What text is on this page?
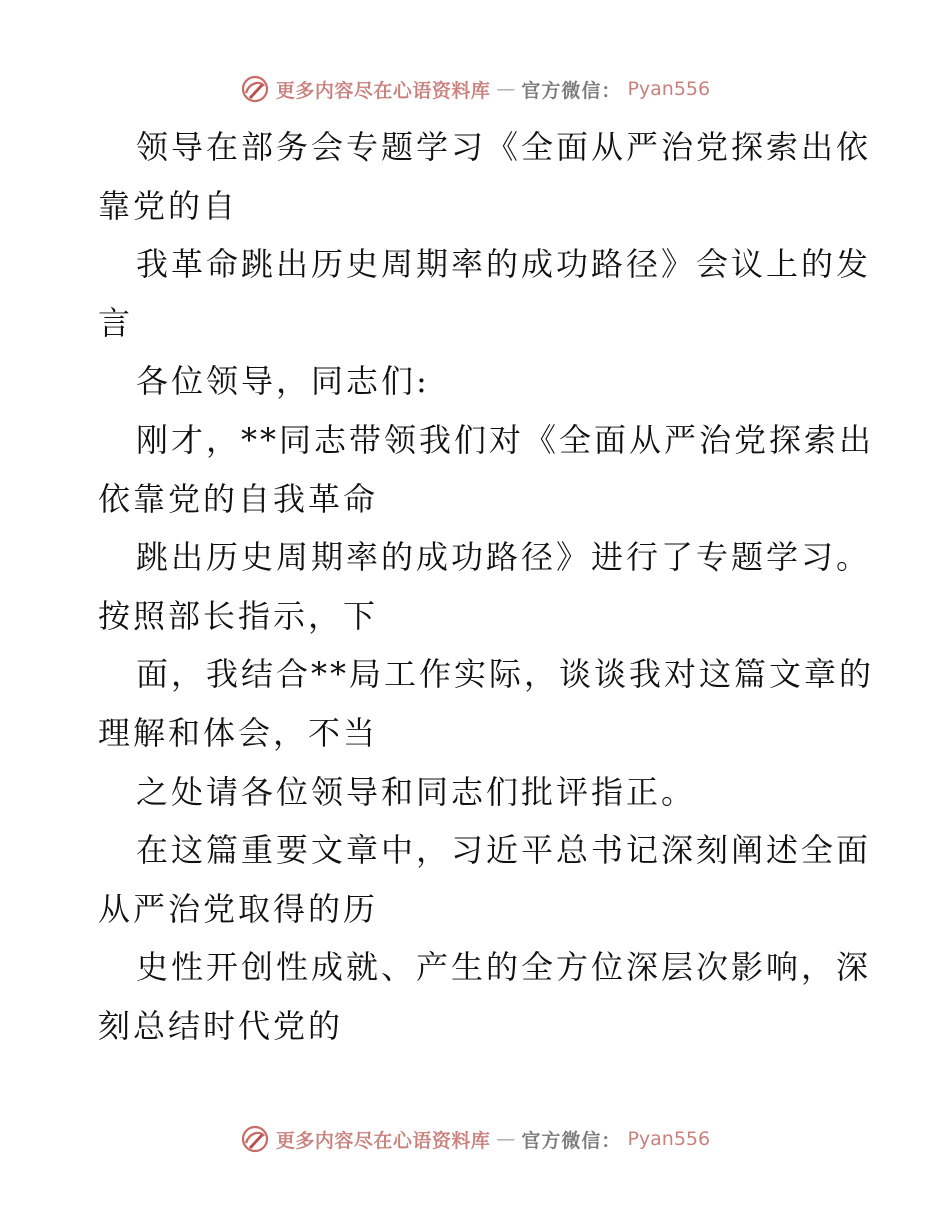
更多内容尽在心语资料库 — 官方微信： Pyan556
领导在部务会专题学习《全面从严治党探索出依
靠党的自
我革命跳出历史周期率的成功路径》会议上的发
言
各位领导，同志们:
刚才，**同志带领我们对《全面从严治党探索出
依靠党的自我革命
跳出历史周期率的成功路径》进行了专题学习。
按照部长指示，下
面，我结合**局工作实际，谈谈我对这篇文章的
理解和体会，不当
之处请各位领导和同志们批评指正。
在这篇重要文章中，习近平总书记深刻阐述全面
从严治党取得的历
史性开创性成就、产生的全方位深层次影响，深
刻总结时代党的
更多内容尽在心语资料库 — 官方微信： Pyan556
